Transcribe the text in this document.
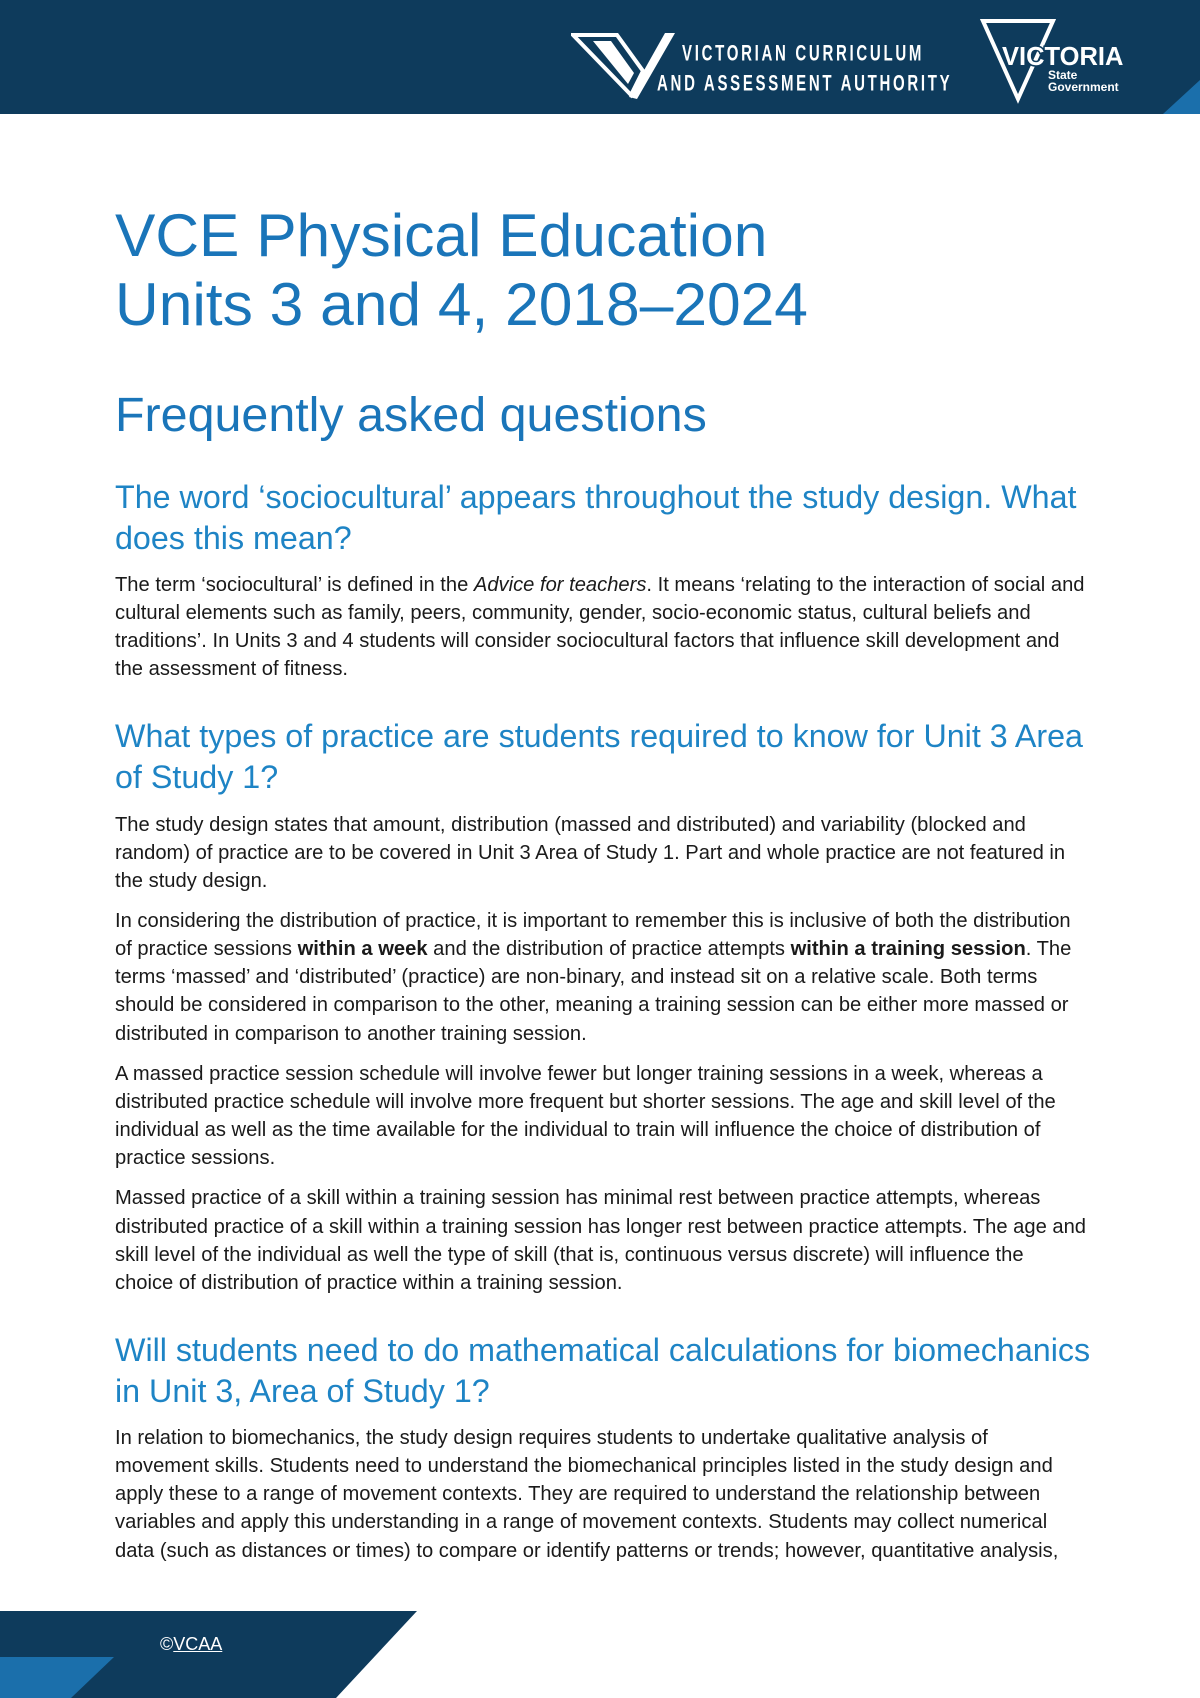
VICTORIAN CURRICULUM
AND ASSESSMENT AUTHORITY
VICTORIA
State
Government
VCE Physical Education
Units 3 and 4, 2018–2024
Frequently asked questions
The word ‘sociocultural’ appears throughout the study design. What
does this mean?
The term ‘sociocultural’ is defined in the Advice for teachers. It means ‘relating to the interaction of social and
cultural elements such as family, peers, community, gender, socio-economic status, cultural beliefs and
traditions’. In Units 3 and 4 students will consider sociocultural factors that influence skill development and
the assessment of fitness.
What types of practice are students required to know for Unit 3 Area
of Study 1?
The study design states that amount, distribution (massed and distributed) and variability (blocked and
random) of practice are to be covered in Unit 3 Area of Study 1. Part and whole practice are not featured in
the study design.
In considering the distribution of practice, it is important to remember this is inclusive of both the distribution
of practice sessions within a week and the distribution of practice attempts within a training session. The
terms ‘massed’ and ‘distributed’ (practice) are non-binary, and instead sit on a relative scale. Both terms
should be considered in comparison to the other, meaning a training session can be either more massed or
distributed in comparison to another training session.
A massed practice session schedule will involve fewer but longer training sessions in a week, whereas a
distributed practice schedule will involve more frequent but shorter sessions. The age and skill level of the
individual as well as the time available for the individual to train will influence the choice of distribution of
practice sessions.
Massed practice of a skill within a training session has minimal rest between practice attempts, whereas
distributed practice of a skill within a training session has longer rest between practice attempts. The age and
skill level of the individual as well the type of skill (that is, continuous versus discrete) will influence the
choice of distribution of practice within a training session.
Will students need to do mathematical calculations for biomechanics
in Unit 3, Area of Study 1?
In relation to biomechanics, the study design requires students to undertake qualitative analysis of
movement skills. Students need to understand the biomechanical principles listed in the study design and
apply these to a range of movement contexts. They are required to understand the relationship between
variables and apply this understanding in a range of movement contexts. Students may collect numerical
data (such as distances or times) to compare or identify patterns or trends; however, quantitative analysis,
©VCAA
